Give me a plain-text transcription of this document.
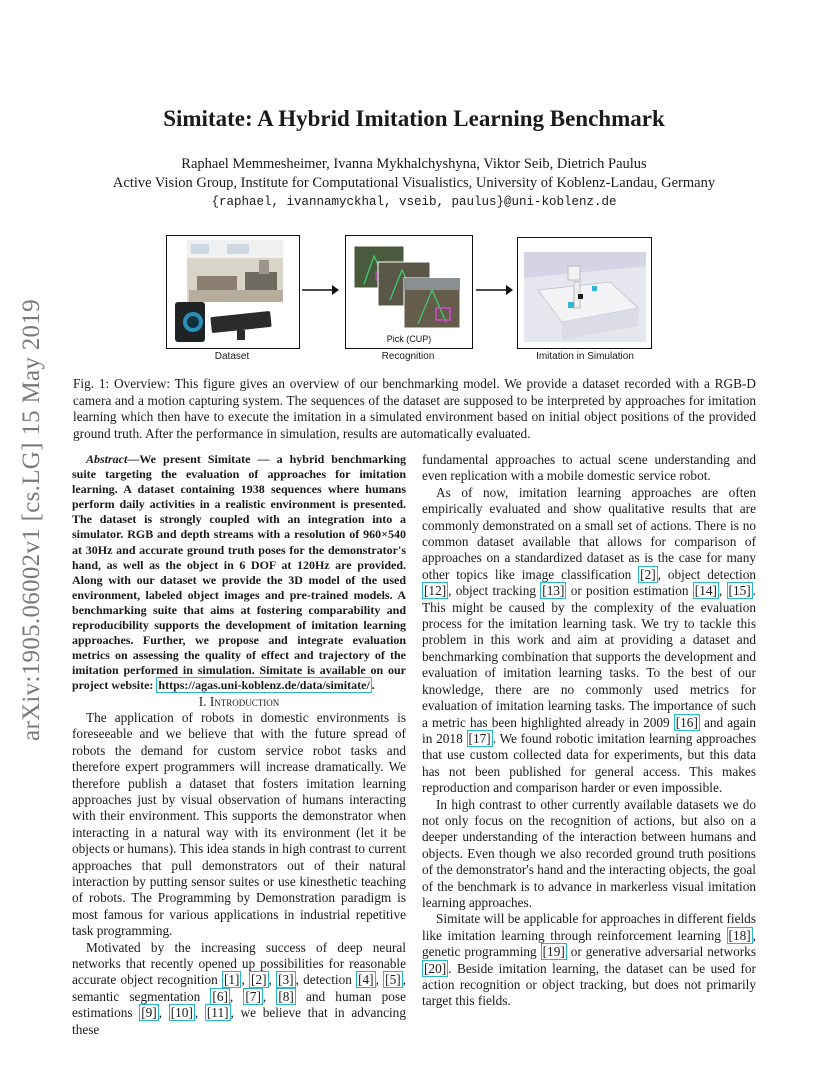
arXiv:1905.06002v1 [cs.LG] 15 May 2019
Simitate: A Hybrid Imitation Learning Benchmark
Raphael Memmesheimer, Ivanna Mykhalchyshyna, Viktor Seib, Dietrich Paulus
Active Vision Group, Institute for Computational Visualistics, University of Koblenz-Landau, Germany
{raphael, ivannamyckhal, vseib, paulus}@uni-koblenz.de
Dataset
Pick (CUP)
Recognition	Imitation in Simulation
Fig. 1: Overview: This figure gives an overview of our benchmarking model. We provide a dataset recorded with a RGB-D camera and a motion capturing system. The sequences of the dataset are supposed to be interpreted by approaches for imitation learning which then have to execute the imitation in a simulated environment based on initial object positions of the provided ground truth. After the performance in simulation, results are automatically evaluated.

Abstract—We present Simitate — a hybrid benchmarking suite targeting the evaluation of approaches for imitation learning. A dataset containing 1938 sequences where humans perform daily activities in a realistic environment is presented. The dataset is strongly coupled with an integration into a simulator. RGB and depth streams with a resolution of 960×540 at 30Hz and accurate ground truth poses for the demonstrator's hand, as well as the object in 6 DOF at 120Hz are provided. Along with our dataset we provide the 3D model of the used environment, labeled object images and pre-trained models. A benchmarking suite that aims at fostering comparability and reproducibility supports the development of imitation learning approaches. Further, we propose and integrate evaluation metrics on assessing the quality of effect and trajectory of the imitation performed in simulation. Simitate is available on our project website: https://agas.uni-koblenz.de/data/simitate/ .

I. Introduction

The application of robots in domestic environments is foreseeable and we believe that with the future spread of robots the demand for custom service robot tasks and therefore expert programmers will increase dramatically. We therefore publish a dataset that fosters imitation learning approaches just by visual observation of humans interacting with their environment. This supports the demonstrator when interacting in a natural way with its environment (let it be objects or humans). This idea stands in high contrast to current approaches that pull demonstrators out of their natural interaction by putting sensor suites or use kinesthetic teaching of robots. The Programming by Demonstration paradigm is most famous for various applications in industrial repetitive task programming.

Motivated by the increasing success of deep neural networks that recently opened up possibilities for reasonable accurate object recognition [1] , [2] , [3] , detection [4] , [5] , semantic segmentation [6] , [7] , [8] and human pose estimations [9] , [10] , [11] , we believe that in advancing these

fundamental approaches to actual scene understanding and even replication with a mobile domestic service robot.

As of now, imitation learning approaches are often empirically evaluated and show qualitative results that are commonly demonstrated on a small set of actions. There is no common dataset available that allows for comparison of approaches on a standardized dataset as is the case for many other topics like image classification [2] , object detection [12] , object tracking [13] or position estimation [14] , [15] . This might be caused by the complexity of the evaluation process for the imitation learning task. We try to tackle this problem in this work and aim at providing a dataset and benchmarking combination that supports the development and evaluation of imitation learning tasks. To the best of our knowledge, there are no commonly used metrics for evaluation of imitation learning tasks. The importance of such a metric has been highlighted already in 2009 [16] and again in 2018 [17] . We found robotic imitation learning approaches that use custom collected data for experiments, but this data has not been published for general access. This makes reproduction and comparison harder or even impossible.

In high contrast to other currently available datasets we do not only focus on the recognition of actions, but also on a deeper understanding of the interaction between humans and objects. Even though we also recorded ground truth positions of the demonstrator's hand and the interacting objects, the goal of the benchmark is to advance in markerless visual imitation learning approaches.

Simitate will be applicable for approaches in different fields like imitation learning through reinforcement learning [18] , genetic programming [19] or generative adversarial networks [20] . Beside imitation learning, the dataset can be used for action recognition or object tracking, but does not primarily target this fields.
